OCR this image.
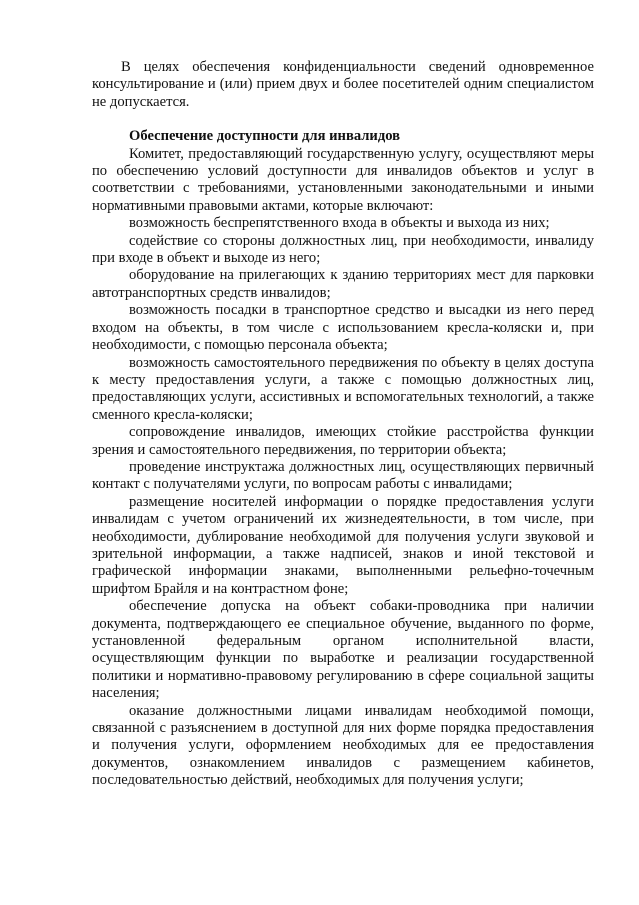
В целях обеспечения конфиденциальности сведений одновременное консультирование и (или) прием двух и более посетителей одним специалистом не допускается.

Обеспечение доступности для инвалидов

Комитет, предоставляющий государственную услугу, осуществляют меры по обеспечению условий доступности для инвалидов объектов и услуг в соответствии с требованиями, установленными законодательными и иными нормативными правовыми актами, которые включают:

возможность беспрепятственного входа в объекты и выхода из них;

содействие со стороны должностных лиц, при необходимости, инвалиду при входе в объект и выходе из него;

оборудование на прилегающих к зданию территориях мест для парковки автотранспортных средств инвалидов;

возможность посадки в транспортное средство и высадки из него перед входом на объекты, в том числе с использованием кресла-коляски и, при необходимости, с помощью персонала объекта;

возможность самостоятельного передвижения по объекту в целях доступа к месту предоставления услуги, а также с помощью должностных лиц, предоставляющих услуги, ассистивных и вспомогательных технологий, а также сменного кресла-коляски;

сопровождение инвалидов, имеющих стойкие расстройства функции зрения и самостоятельного передвижения, по территории объекта;

проведение инструктажа должностных лиц, осуществляющих первичный контакт с получателями услуги, по вопросам работы с инвалидами;

размещение носителей информации о порядке предоставления услуги инвалидам с учетом ограничений их жизнедеятельности, в том числе, при необходимости, дублирование необходимой для получения услуги звуковой и зрительной информации, а также надписей, знаков и иной текстовой и графической информации знаками, выполненными рельефно-точечным шрифтом Брайля и на контрастном фоне;

обеспечение допуска на объект собаки-проводника при наличии документа, подтверждающего ее специальное обучение, выданного по форме, установленной федеральным органом исполнительной власти, осуществляющим функции по выработке и реализации государственной политики и нормативно-правовому регулированию в сфере социальной защиты населения;

оказание должностными лицами инвалидам необходимой помощи, связанной с разъяснением в доступной для них форме порядка предоставления и получения услуги, оформлением необходимых для ее предоставления документов, ознакомлением инвалидов с размещением кабинетов, последовательностью действий, необходимых для получения услуги;
